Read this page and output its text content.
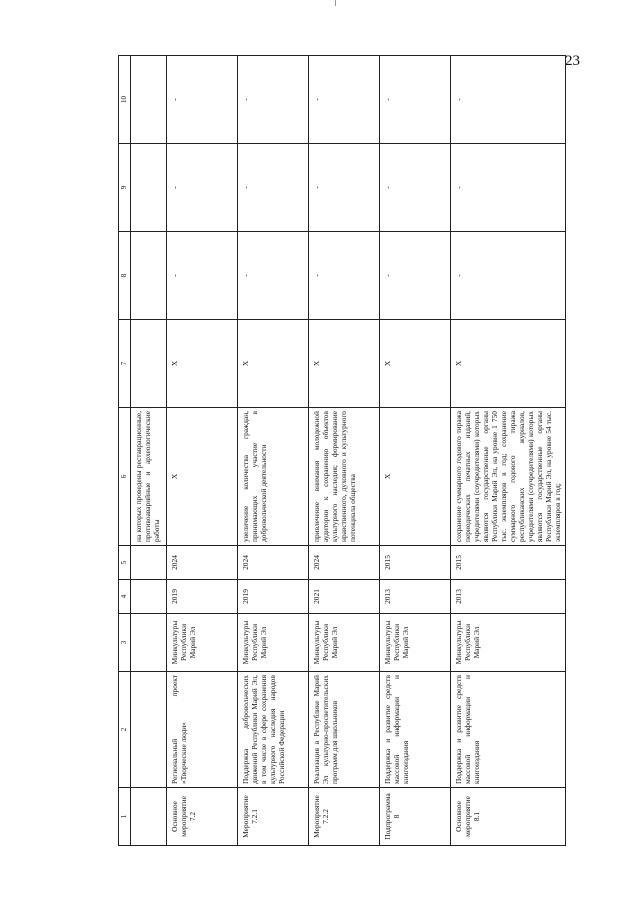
23
1	2	3	4	5	6	7	8	9	10
					на которых проведены реставрационные, противоаварийные и археологические работы				
Основное мероприятие 7.2	Региональный проект «Творческие люди»	Минкультуры Республики Марий Эл	2019	2024	Х	Х	-	-	-
Мероприятие 7.2.1	Поддержка добровольческих движений Республики Марий Эл, в том числе в сфере сохранения культурного наследия народов Российской Федерации	Минкультуры Республики Марий Эл	2019	2024	увеличение количества граждан, принимающих участие в добровольческой деятельности	Х	-	-	-
Мероприятие 7.2.2	Реализация в Республике Марий Эл культурно-просветительских программ для школьников	Минкультуры Республики Марий Эл	2021	2024	привлечение внимания молодежной аудитории к сохранению объектов культурного наследия; формирование нравственного, духовного и культурного потенциала общества	Х	-	-	-
Подпрограмма 8	Поддержка и развитие средств массовой информации и книгоиздания	Минкультуры Республики Марий Эл	2013	2015	Х	Х	-	-	-
Основное мероприятие 8.1	Поддержка и развитие средств массовой информации и книгоиздания	Минкультуры Республики Марий Эл	2013	2015	сохранение суммарного годового тиража периодических печатных изданий, учредителями (соучредителями) которых являются государственные органы Республики Марий Эл, на уровне 1 750 тыс. экземпляров в год; сохранение суммарного годового тиража республиканских журналов, учредителями (соучредителями) которых являются государственные органы Республики Марий Эл, на уровне 54 тыс. экземпляров в год;	Х	-	-	-
